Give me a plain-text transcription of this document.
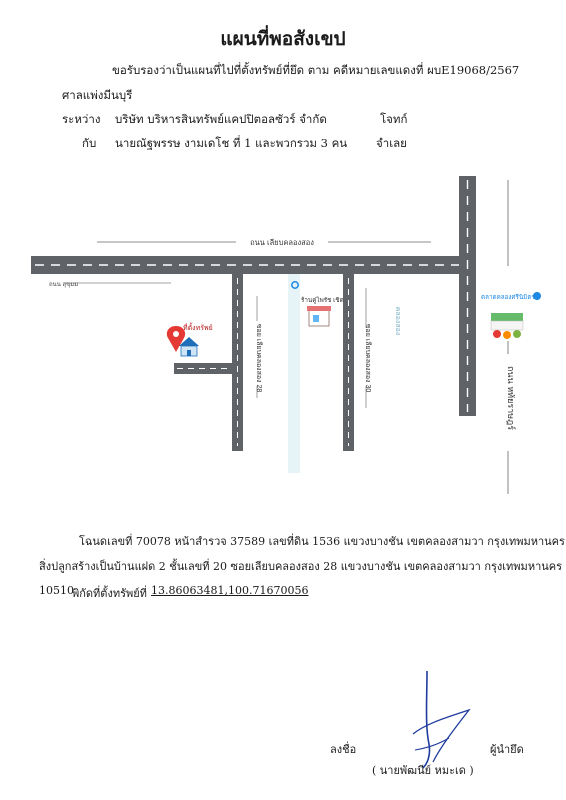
แผนที่พอสังเขป
ขอรับรองว่าเป็นแผนที่ไปที่ตั้งทรัพย์ที่ยึด ตาม คดีหมายเลขแดงที่ ผบE19068/2567
ศาลแพ่งมีนบุรี
ระหว่าง บริษัท บริหารสินทรัพย์แคปปิตอลซัวร์ จำกัด	โจทก์
กับ นายณัฐพรรษ งามเดโช ที่ 1 และพวกรวม 3 คน	จำเลย
ถนน เลียบคลองสอง
ถนน สุขุมม
ซอย เลียบคลองสอง 28	ซอย เลียบคลองสอง 30
คลองสอง
ถนน หทัยราษฎร์
ที่ตั้งทรัพย์
ร้านคู่ไพรัช เชิด	ตลาดคลองศรีนิมิตร
โฉนดเลขที่ 70078 หน้าสำรวจ 37589 เลขที่ดิน 1536 แขวงบางชัน เขตคลองสามวา กรุงเทพมหานคร
สิ่งปลูกสร้างเป็นบ้านแฝด 2 ชั้นเลขที่ 20 ซอยเลียบคลองสอง 28 แขวงบางชัน เขตคลองสามวา กรุงเทพมหานคร
10510
พิกัดที่ตั้งทรัพย์ที่ 13.86063481,100.71670056
ลงชื่อ	ผู้นำยึด
( นายพัฒนีย์ หมะเด )
